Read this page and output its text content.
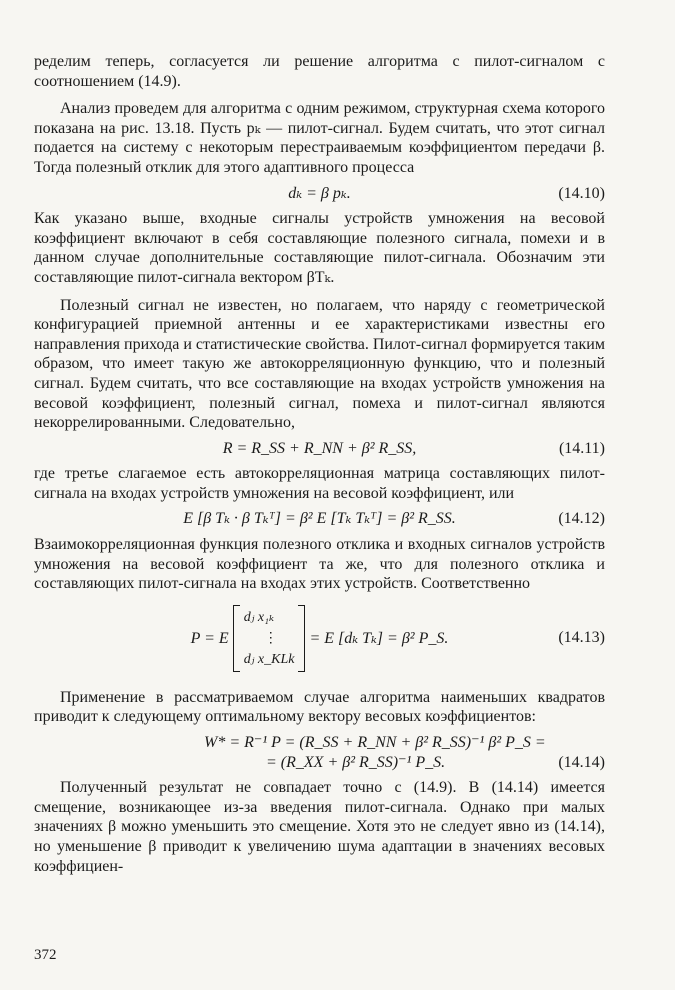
ределим теперь, согласуется ли решение алгоритма с пилот-сигналом с соотношением (14.9).

Анализ проведем для алгоритма с одним режимом, структурная схема которого показана на рис. 13.18. Пусть pₖ — пилот-сигнал. Будем считать, что этот сигнал подается на систему с некоторым перестраиваемым коэффициентом передачи β. Тогда полезный отклик для этого адаптивного процесса

dₖ = β pₖ.	(14.10)

Как указано выше, входные сигналы устройств умножения на весовой коэффициент включают в себя составляющие полезного сигнала, помехи и в данном случае дополнительные составляющие пилот-сигнала. Обозначим эти составляющие пилот-сигнала вектором βTₖ.

Полезный сигнал не известен, но полагаем, что наряду с геометрической конфигурацией приемной антенны и ее характеристиками известны его направления прихода и статистические свойства. Пилот-сигнал формируется таким образом, что имеет такую же автокорреляционную функцию, что и полезный сигнал. Будем считать, что все составляющие на входах устройств умножения на весовой коэффициент, полезный сигнал, помеха и пилот-сигнал являются некоррелированными. Следовательно,

R = R_SS + R_NN + β² R_SS,	(14.11)

где третье слагаемое есть автокорреляционная матрица составляющих пилот-сигнала на входах устройств умножения на весовой коэффициент, или

E [β Tₖ · β Tₖᵀ] = β² E [Tₖ Tₖᵀ] = β² R_SS.	(14.12)

Взаимокорреляционная функция полезного отклика и входных сигналов устройств умножения на весовой коэффициент та же, что для полезного отклика и составляющих пилот-сигнала на входах этих устройств. Соответственно

P = E
dⱼ x₁ₖ
⋮
dⱼ x_KLk
= E [dₖ Tₖ] = β² P_S.	(14.13)

Применение в рассматриваемом случае алгоритма наименьших квадратов приводит к следующему оптимальному вектору весовых коэффициентов:

W* = R⁻¹ P = (R_SS + R_NN + β² R_SS)⁻¹ β² P_S =
= (R_XX + β² R_SS)⁻¹ P_S.	(14.14)

Полученный результат не совпадает точно с (14.9). В (14.14) имеется смещение, возникающее из-за введения пилот-сигнала. Однако при малых значениях β можно уменьшить это смещение. Хотя это не следует явно из (14.14), но уменьшение β приводит к увеличению шума адаптации в значениях весовых коэффициен-

372
